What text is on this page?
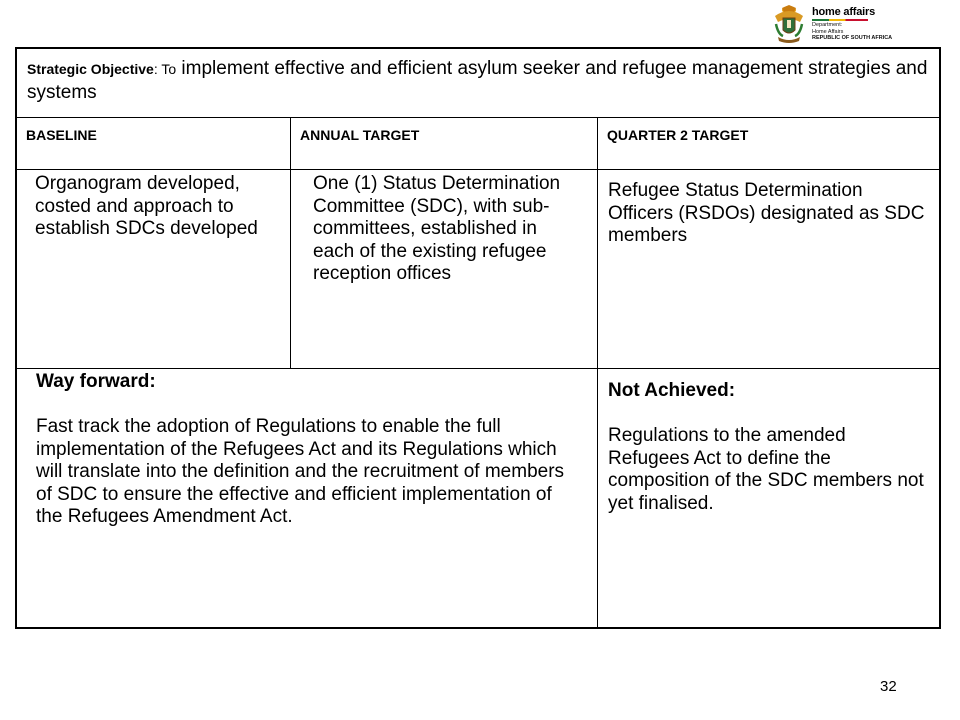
home affairs
Department:
Home Affairs
REPUBLIC OF SOUTH AFRICA
Strategic Objective: To implement effective and efficient asylum seeker and refugee management strategies and systems
BASELINE	ANNUAL TARGET	QUARTER 2 TARGET
Organogram developed, costed and approach to establish SDCs developed
One (1) Status Determination Committee (SDC), with sub-committees, established in each of the existing refugee reception offices
Refugee Status Determination Officers (RSDOs) designated as SDC members
Way forward:
Fast track the adoption of Regulations to enable the full implementation of the Refugees Act and its Regulations which will translate into the definition and the recruitment of members of SDC to ensure the effective and efficient implementation of the Refugees Amendment Act.
Not Achieved:
Regulations to the amended Refugees Act to define the composition of the SDC members not yet finalised.
32
